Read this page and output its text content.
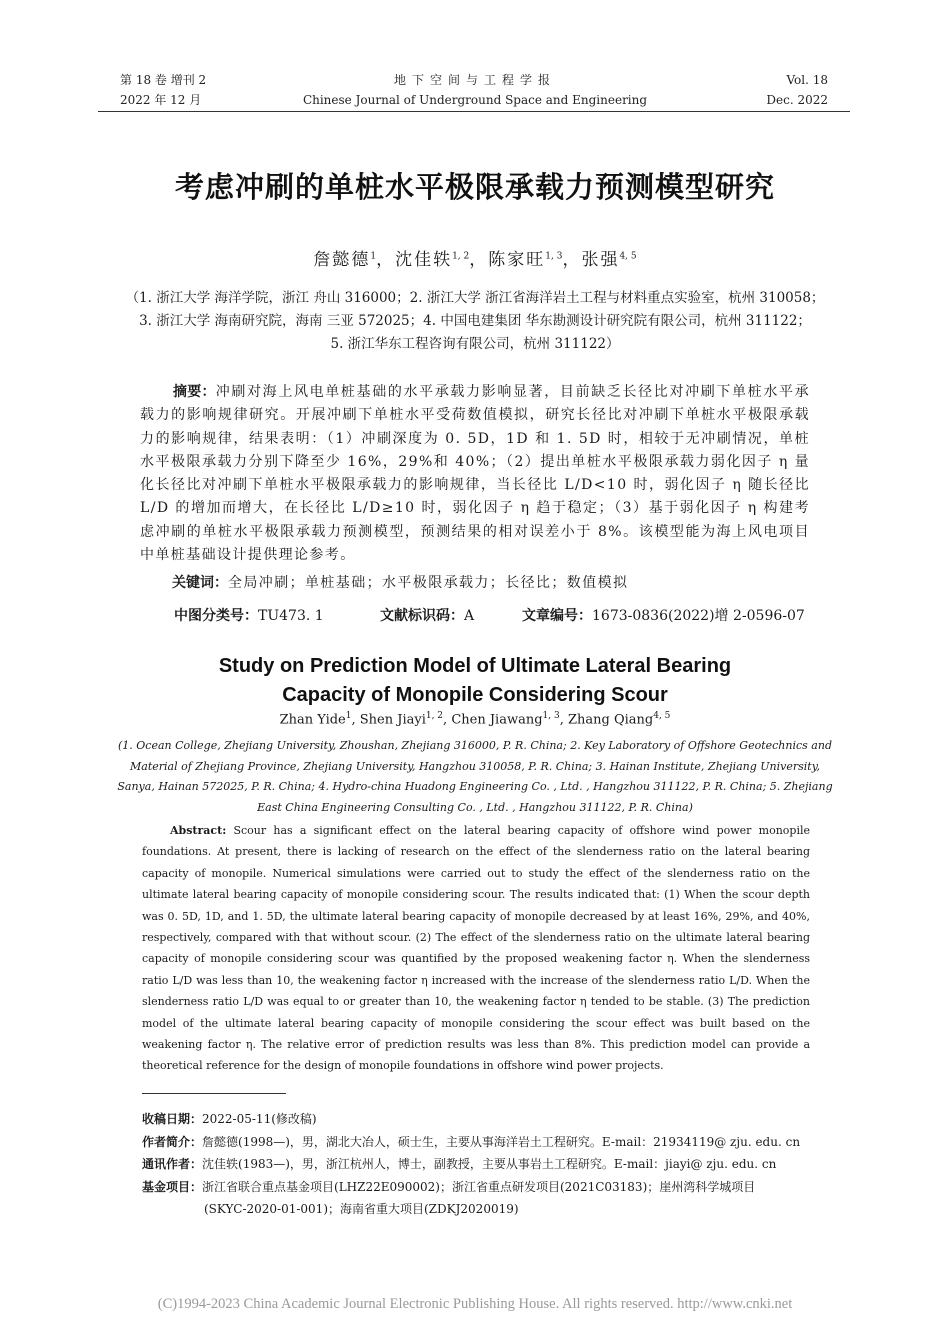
第 18 卷 增刊 2
2022 年 12 月
地下空间与工程学报
Chinese Journal of Underground Space and Engineering
Vol. 18
Dec. 2022
考虑冲刷的单桩水平极限承载力预测模型研究
詹懿德$^1$，沈佳轶$^{1, 2}$，陈家旺$^{1, 3}$，张强$^{4, 5}$
（1. 浙江大学 海洋学院，浙江 舟山 316000；2. 浙江大学 浙江省海洋岩土工程与材料重点实验室，杭州 310058；
3. 浙江大学 海南研究院，海南 三亚 572025；4. 中国电建集团 华东勘测设计研究院有限公司，杭州 311122；
5. 浙江华东工程咨询有限公司，杭州 311122）

摘要：冲刷对海上风电单桩基础的水平承载力影响显著，目前缺乏长径比对冲刷下单桩水平承载力的影响规律研究。开展冲刷下单桩水平受荷数值模拟，研究长径比对冲刷下单桩水平极限承载力的影响规律，结果表明：（1）冲刷深度为 0. 5D，1D 和 1. 5D 时，相较于无冲刷情况，单桩水平极限承载力分别下降至少 16%，29%和 40%；（2）提出单桩水平极限承载力弱化因子 η 量化长径比对冲刷下单桩水平极限承载力的影响规律，当长径比 L/D<10 时，弱化因子 η 随长径比 L/D 的增加而增大，在长径比 L/D≥10 时，弱化因子 η 趋于稳定；（3）基于弱化因子 η 构建考虑冲刷的单桩水平极限承载力预测模型，预测结果的相对误差小于 8%。该模型能为海上风电项目中单桩基础设计提供理论参考。

关键词：全局冲刷；单桩基础；水平极限承载力；长径比；数值模拟
中图分类号：TU473. 1	文献标识码：A	文章编号：1673-0836(2022)增 2-0596-07
Study on Prediction Model of Ultimate Lateral Bearing
Capacity of Monopile Considering Scour
Zhan Yide$^1$, Shen Jiayi$^{1, 2}$, Chen Jiawang$^{1, 3}$, Zhang Qiang$^{4, 5}$
(1. Ocean College, Zhejiang University, Zhoushan, Zhejiang 316000, P. R. China; 2. Key Laboratory of Offshore Geotechnics and Material of Zhejiang Province, Zhejiang University, Hangzhou 310058, P. R. China; 3. Hainan Institute, Zhejiang University, Sanya, Hainan 572025, P. R. China; 4. Hydro-china Huadong Engineering Co. , Ltd. , Hangzhou 311122, P. R. China; 5. Zhejiang East China Engineering Consulting Co. , Ltd. , Hangzhou 311122, P. R. China)

Abstract: Scour has a significant effect on the lateral bearing capacity of offshore wind power monopile foundations. At present, there is lacking of research on the effect of the slenderness ratio on the lateral bearing capacity of monopile. Numerical simulations were carried out to study the effect of the slenderness ratio on the ultimate lateral bearing capacity of monopile considering scour. The results indicated that: (1) When the scour depth was 0. 5D, 1D, and 1. 5D, the ultimate lateral bearing capacity of monopile decreased by at least 16%, 29%, and 40%, respectively, compared with that without scour. (2) The effect of the slenderness ratio on the ultimate lateral bearing capacity of monopile considering scour was quantified by the proposed weakening factor η. When the slenderness ratio L/D was less than 10, the weakening factor η increased with the increase of the slenderness ratio L/D. When the slenderness ratio L/D was equal to or greater than 10, the weakening factor η tended to be stable. (3) The prediction model of the ultimate lateral bearing capacity of monopile considering the scour effect was built based on the weakening factor η. The relative error of prediction results was less than 8%. This prediction model can provide a theoretical reference for the design of monopile foundations in offshore wind power projects.

收稿日期： 2022-05-11(修改稿)
作者简介： 詹懿德(1998—)，男，湖北大冶人，硕士生，主要从事海洋岩土工程研究。E-mail：21934119@ zju. edu. cn
通讯作者： 沈佳轶(1983—)，男，浙江杭州人，博士，副教授，主要从事岩土工程研究。E-mail：jiayi@ zju. edu. cn
基金项目： 浙江省联合重点基金项目(LHZ22E090002)；浙江省重点研发项目(2021C03183)；崖州湾科学城项目
(SKYC-2020-01-001)；海南省重大项目(ZDKJ2020019)
(C)1994-2023 China Academic Journal Electronic Publishing House. All rights reserved. http://www.cnki.net
